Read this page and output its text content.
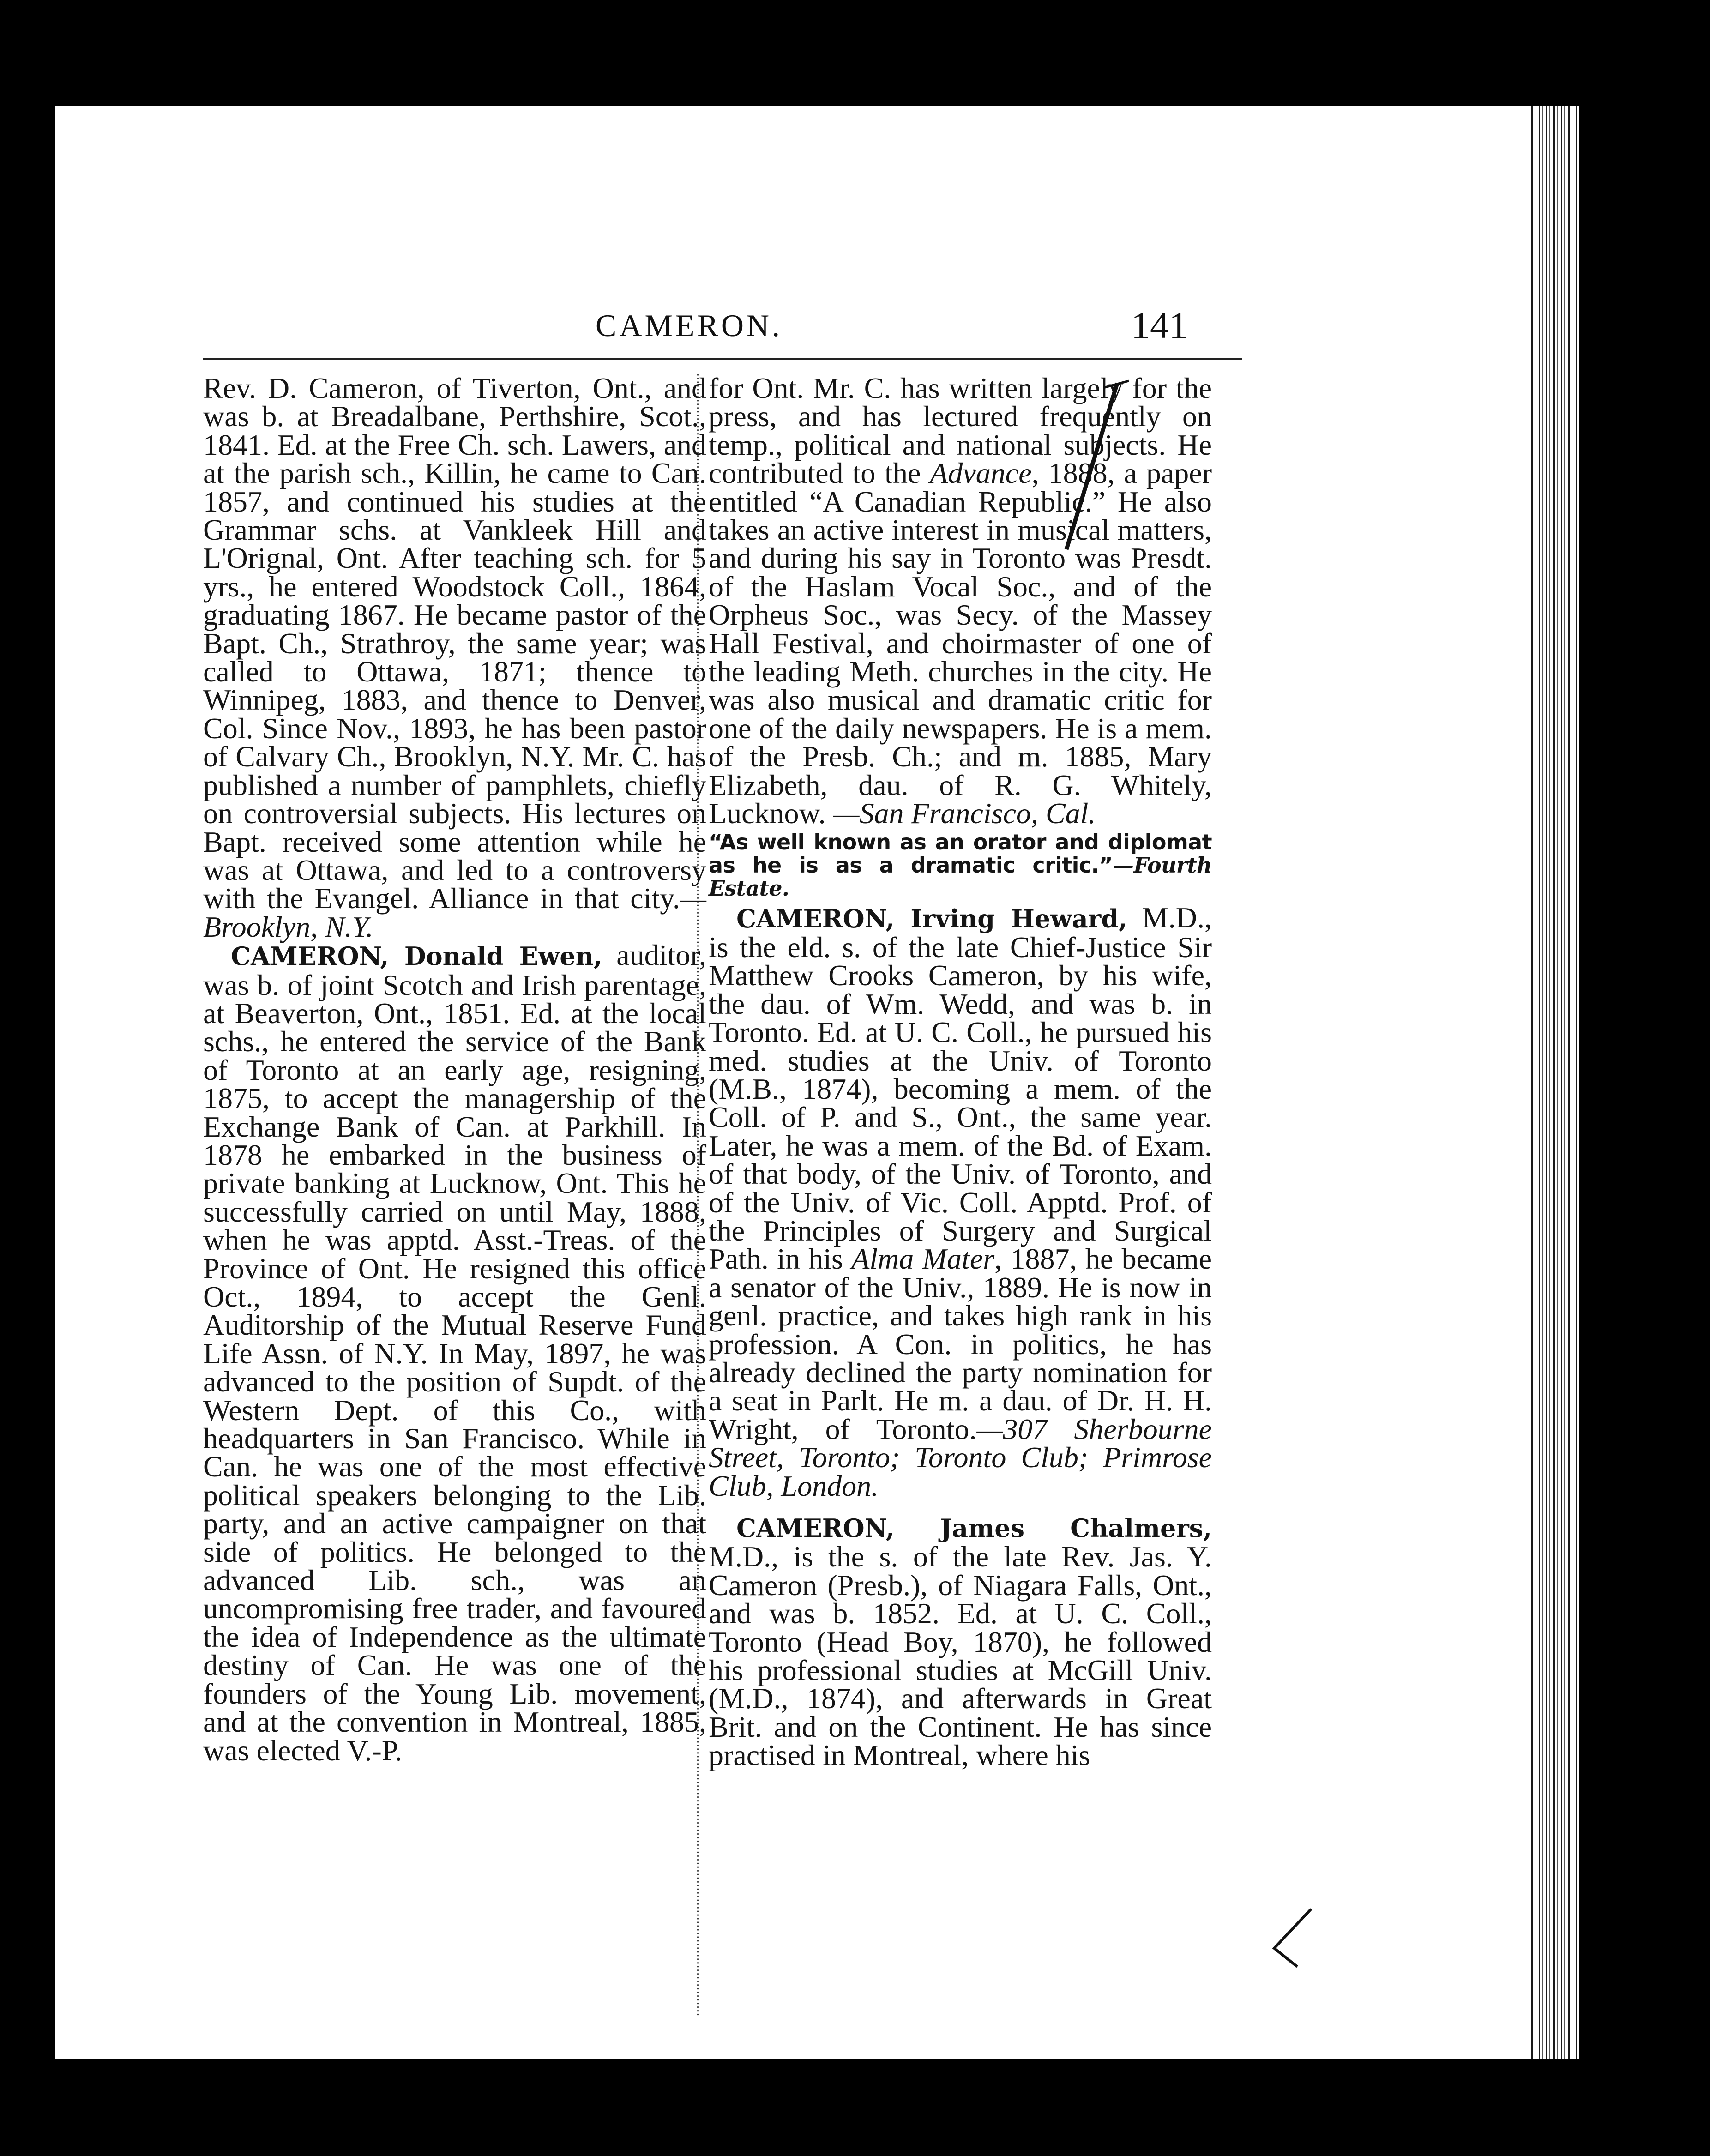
CAMERON.	141

Rev. D. Cameron, of Tiverton, Ont., and was b. at Breadalbane, Perthshire, Scot., 1841. Ed. at the Free Ch. sch. Lawers, and at the parish sch., Killin, he came to Can. 1857, and continued his studies at the Grammar schs. at Vankleek Hill and L'Orignal, Ont. After teaching sch. for 5 yrs., he entered Woodstock Coll., 1864, graduating 1867. He became pastor of the Bapt. Ch., Strathroy, the same year; was called to Ottawa, 1871; thence to Winnipeg, 1883, and thence to Denver, Col. Since Nov., 1893, he has been pastor of Calvary Ch., Brooklyn, N.Y. Mr. C. has published a number of pamphlets, chiefly on controversial subjects. His lectures on Bapt. received some attention while he was at Ottawa, and led to a controversy with the Evangel. Alliance in that city.—Brooklyn, N.Y.

CAMERON, Donald Ewen, auditor, was b. of joint Scotch and Irish parentage, at Beaverton, Ont., 1851. Ed. at the local schs., he entered the service of the Bank of Toronto at an early age, resigning, 1875, to accept the managership of the Exchange Bank of Can. at Parkhill. In 1878 he embarked in the business of private banking at Lucknow, Ont. This he successfully carried on until May, 1888, when he was apptd. Asst.-Treas. of the Province of Ont. He resigned this office Oct., 1894, to accept the Genl. Auditorship of the Mutual Reserve Fund Life Assn. of N.Y. In May, 1897, he was advanced to the position of Supdt. of the Western Dept. of this Co., with headquarters in San Francisco. While in Can. he was one of the most effective political speakers belonging to the Lib. party, and an active campaigner on that side of politics. He belonged to the advanced Lib. sch., was an uncompromising free trader, and favoured the idea of Independence as the ultimate destiny of Can. He was one of the founders of the Young Lib. movement, and at the convention in Montreal, 1885, was elected V.-P.

for Ont. Mr. C. has written largely for the press, and has lectured frequently on temp., political and national subjects. He contributed to the Advance, 1888, a paper entitled “A Canadian Republic.” He also takes an active interest in musical matters, and during his say in Toronto was Presdt. of the Haslam Vocal Soc., and of the Orpheus Soc., was Secy. of the Massey Hall Festival, and choirmaster of one of the leading Meth. churches in the city. He was also musical and dramatic critic for one of the daily newspapers. He is a mem. of the Presb. Ch.; and m. 1885, Mary Elizabeth, dau. of R. G. Whitely, Lucknow. —San Francisco, Cal.

“As well known as an orator and diplomat as he is as a dramatic critic.”—Fourth Estate.

CAMERON, Irving Heward, M.D., is the eld. s. of the late Chief-Justice Sir Matthew Crooks Cameron, by his wife, the dau. of Wm. Wedd, and was b. in Toronto. Ed. at U. C. Coll., he pursued his med. studies at the Univ. of Toronto (M.B., 1874), becoming a mem. of the Coll. of P. and S., Ont., the same year. Later, he was a mem. of the Bd. of Exam. of that body, of the Univ. of Toronto, and of the Univ. of Vic. Coll. Apptd. Prof. of the Principles of Surgery and Surgical Path. in his Alma Mater, 1887, he became a senator of the Univ., 1889. He is now in genl. practice, and takes high rank in his profession. A Con. in politics, he has already declined the party nomination for a seat in Parlt. He m. a dau. of Dr. H. H. Wright, of Toronto.—307 Sherbourne Street, Toronto; Toronto Club; Primrose Club, London.

CAMERON, James Chalmers, M.D., is the s. of the late Rev. Jas. Y. Cameron (Presb.), of Niagara Falls, Ont., and was b. 1852. Ed. at U. C. Coll., Toronto (Head Boy, 1870), he followed his professional studies at McGill Univ. (M.D., 1874), and afterwards in Great Brit. and on the Continent. He has since practised in Montreal, where his
